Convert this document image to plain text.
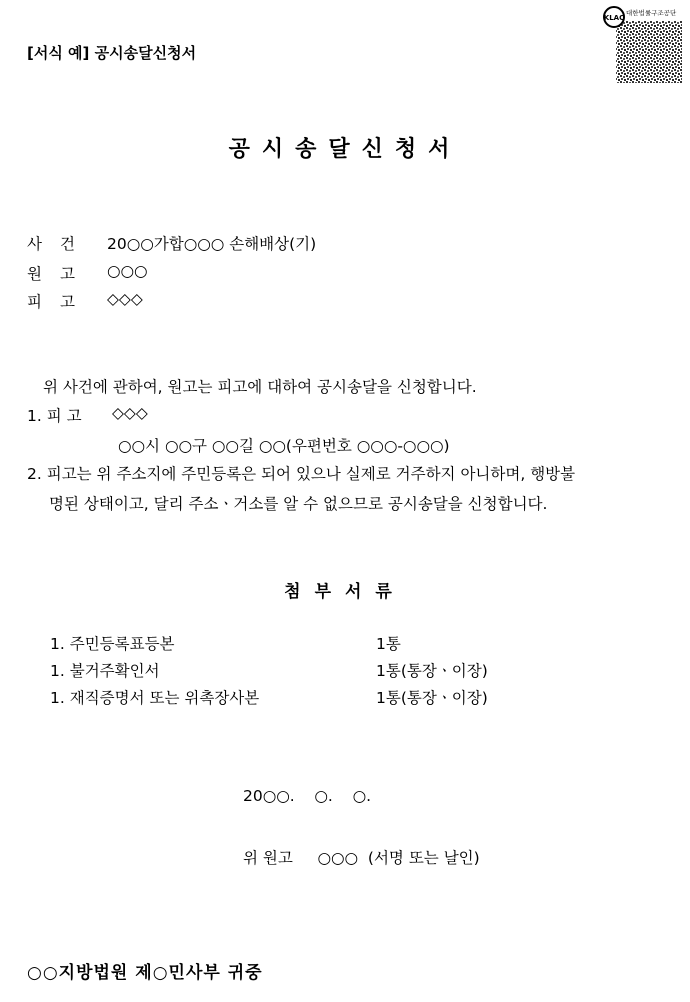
[서식 예] 공시송달신청서
KLAC
대한법률구조공단
공시송달신청서
사건 20○○가합○○○ 손해배상(기)
원고 ○○○
피고 ◇◇◇
위 사건에 관하여, 원고는 피고에 대하여 공시송달을 신청합니다.
1. 피 고 ◇◇◇
○○시 ○○구 ○○길 ○○(우편번호 ○○○-○○○)
2. 피고는 위 주소지에 주민등록은 되어 있으나 실제로 거주하지 아니하며, 행방불
명된 상태이고, 달리 주소ㆍ거소를 알 수 없으므로 공시송달을 신청합니다.
첨부서류
1. 주민등록표등본	1통
1. 불거주확인서	1통(통장ㆍ이장)
1. 재직증명서 또는 위촉장사본	1통(통장ㆍ이장)
20○○.    ○.    ○.
위 원고     ○○○  (서명 또는 날인)
○○지방법원 제○민사부 귀중
